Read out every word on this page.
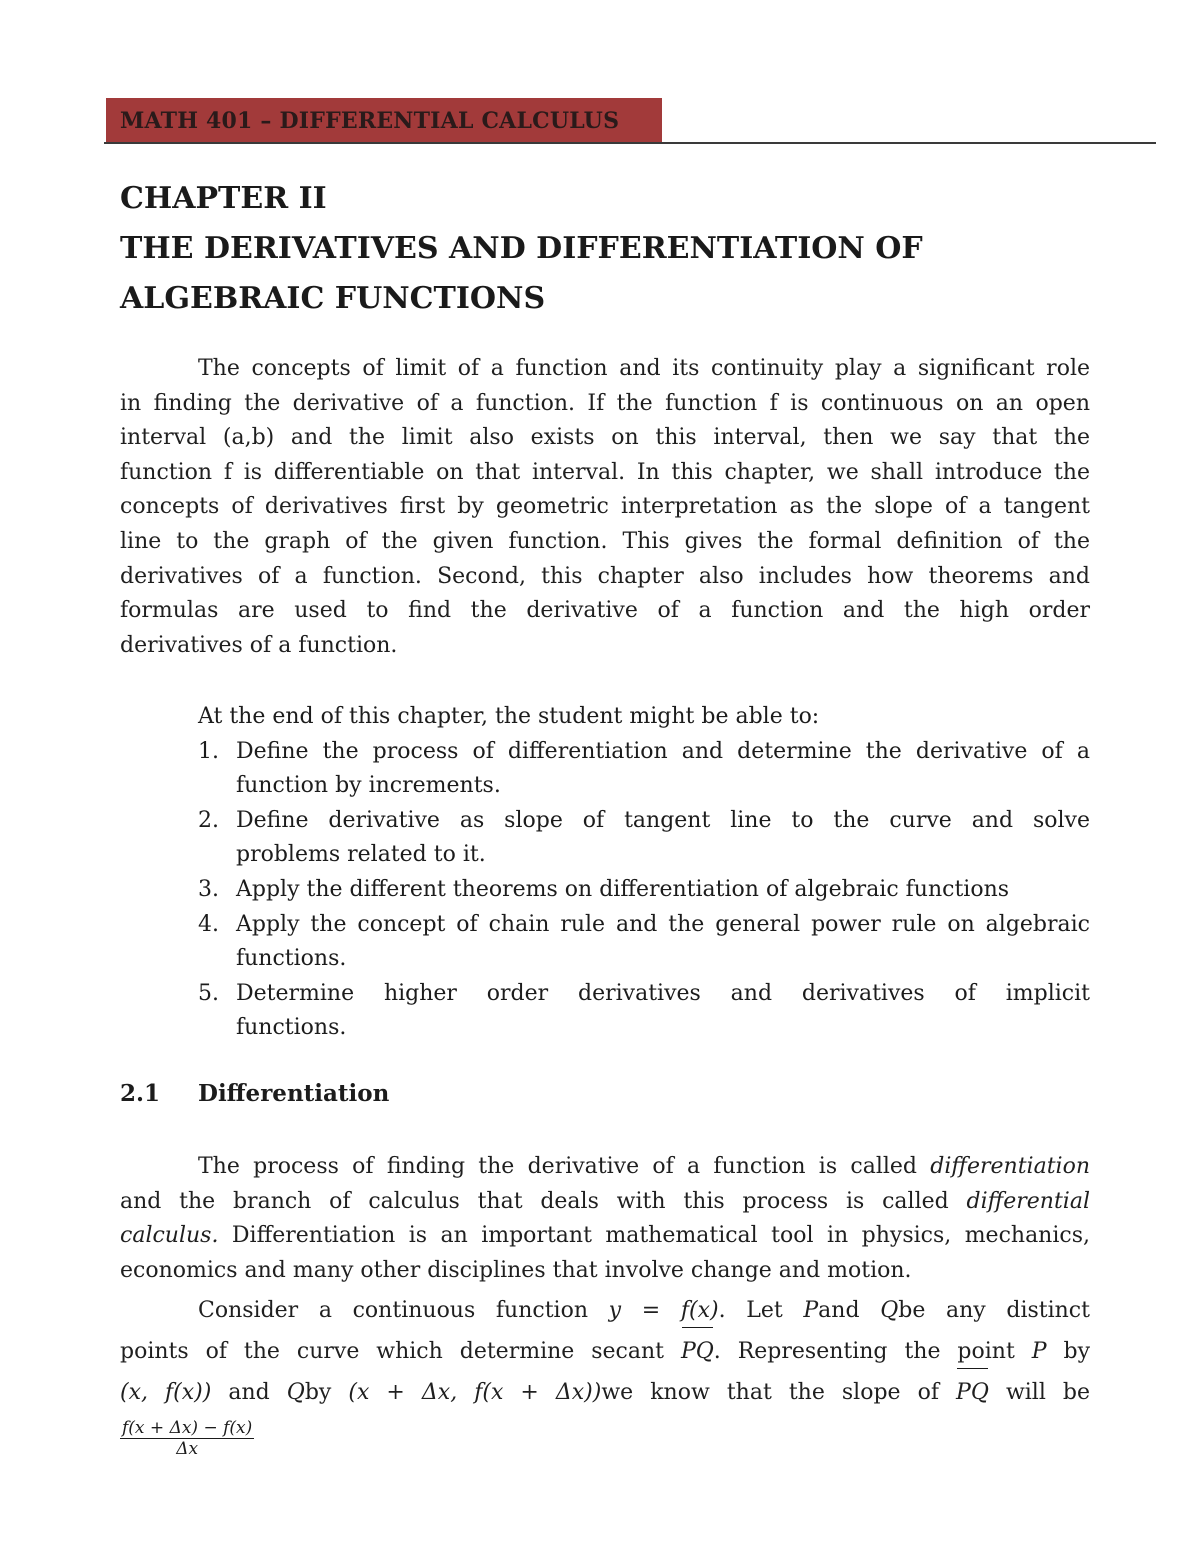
MATH 401 – DIFFERENTIAL CALCULUS
CHAPTER II
THE DERIVATIVES AND DIFFERENTIATION OF
ALGEBRAIC FUNCTIONS
The concepts of limit of a function and its continuity play a significant role
in finding the derivative of a function. If the function f is continuous on an open
interval (a,b) and the limit also exists on this interval, then we say that the
function f is differentiable on that interval. In this chapter, we shall introduce the
concepts of derivatives first by geometric interpretation as the slope of a tangent
line to the graph of the given function. This gives the formal definition of the
derivatives of a function. Second, this chapter also includes how theorems and
formulas are used to find the derivative of a function and the high order
derivatives of a function.
At the end of this chapter, the student might be able to:
1. Define the process of differentiation and determine the derivative of a
function by increments.
2. Define derivative as slope of tangent line to the curve and solve
problems related to it.
3. Apply the different theorems on differentiation of algebraic functions
4. Apply the concept of chain rule and the general power rule on algebraic
functions.
5. Determine higher order derivatives and derivatives of implicit
functions.
2.1 Differentiation
The process of finding the derivative of a function is called differentiation
and the branch of calculus that deals with this process is called differential
calculus. Differentiation is an important mathematical tool in physics, mechanics,
economics and many other disciplines that involve change and motion.
Consider a continuous function y = f(x). Let Pand Qbe any distinct
points of the curve which determine secant PQ. Representing the point P by
(x, f(x)) and Qby (x + Δx, f(x + Δx))we know that the slope of PQ will be
$\frac{f(x + \Delta x) - f(x)}{\Delta x}$
